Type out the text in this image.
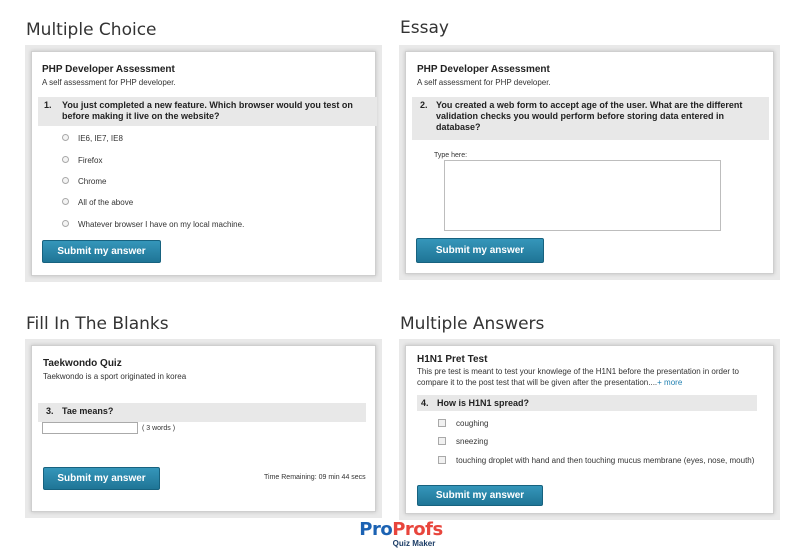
Multiple Choice
PHP Developer Assessment
A self assessment for PHP developer.
1. You just completed a new feature. Which browser would you test on before making it live on the website?
IE6, IE7, IE8
Firefox
Chrome
All of the above
Whatever browser I have on my local machine.
Submit my answer
Essay
PHP Developer Assessment
A self assessment for PHP developer.
2. You created a web form to accept age of the user. What are the different validation checks you would perform before storing data entered in database?
Type here:
Submit my answer
Fill In The Blanks
Taekwondo Quiz
Taekwondo is a sport originated in korea
3. Tae means?
( 3 words )
Submit my answer	Time Remaining: 09 min 44 secs
Multiple Answers
H1N1 Pret Test
This pre test is meant to test your knowlege of the H1N1 before the presentation in order to compare it to the post test that will be given after the presentation....+ more
4. How is H1N1 spread?
coughing
sneezing
touching droplet with hand and then touching mucus membrane (eyes, nose, mouth)
Submit my answer
ProProfs
Quiz Maker
